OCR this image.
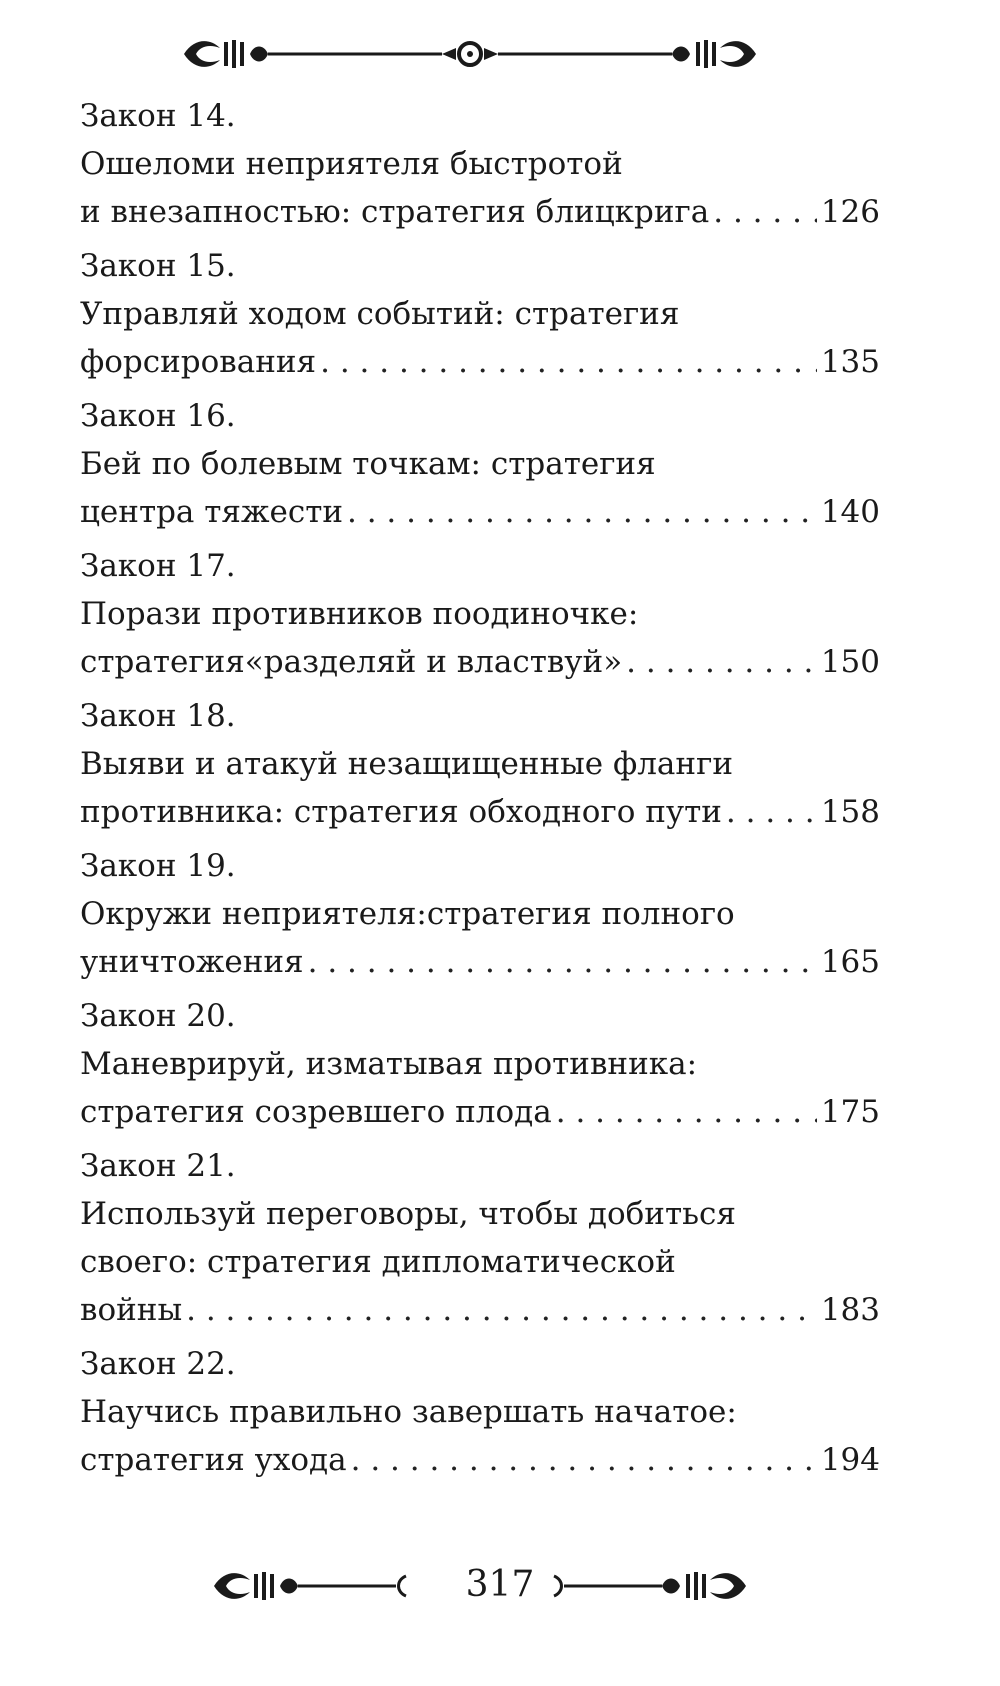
Закон 14.
Ошеломи неприятеля быстротой
и внезапностью: стратегия блицкрига . . .	126
Закон 15.
Управляй ходом событий: стратегия
форсирования . . .	135
Закон 16.
Бей по болевым точкам: стратегия
центра тяжести . . .	140
Закон 17.
Порази противников поодиночке:
стратегия«разделяй и властвуй» . . .	150
Закон 18.
Выяви и атакуй незащищенные фланги
противника: стратегия обходного пути . . .	158
Закон 19.
Окружи неприятеля:стратегия полного
уничтожения . . .	165
Закон 20.
Маневрируй, изматывая противника:
стратегия созревшего плода . . .	175
Закон 21.
Используй переговоры, чтобы добиться
своего: стратегия дипломатической
войны . . .	183
Закон 22.
Научись правильно завершать начатое:
стратегия ухода . . .	194
317
